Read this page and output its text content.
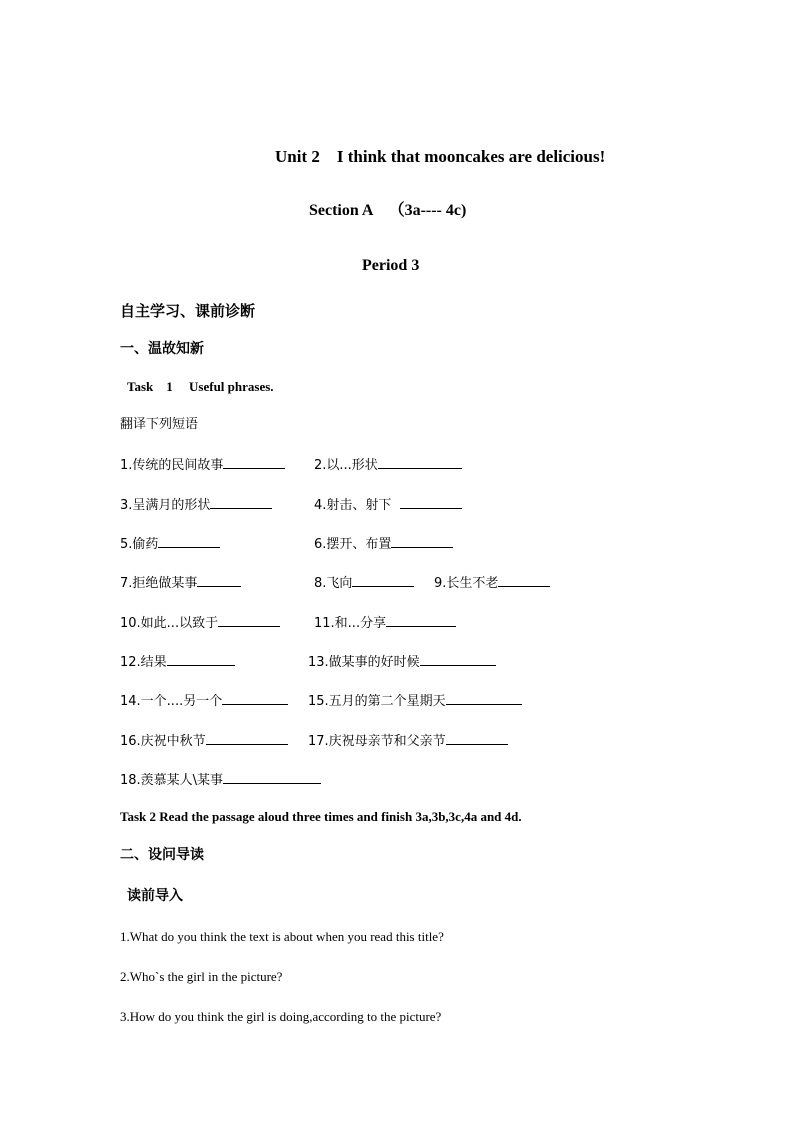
Unit 2    I think that mooncakes are delicious!
Section A    （3a---- 4c)
Period 3
自主学习、课前诊断
一、温故知新
Task    1     Useful phrases.
翻译下列短语
1.传统的民间故事	2.以...形状
3.呈满月的形状	4.射击、射下
5.偷药	6.摆开、布置
7.拒绝做某事	8.飞向	9.长生不老
10.如此...以致于	11.和...分享
12.结果	13.做某事的好时候
14.一个....另一个	15.五月的第二个星期天
16.庆祝中秋节	17.庆祝母亲节和父亲节
18.羡慕某人\某事
Task 2 Read the passage aloud three times and finish 3a,3b,3c,4a and 4d.
二、设问导读
读前导入
1.What do you think the text is about when you read this title?
2.Who`s the girl in the picture?
3.How do you think the girl is doing,according to the picture?
